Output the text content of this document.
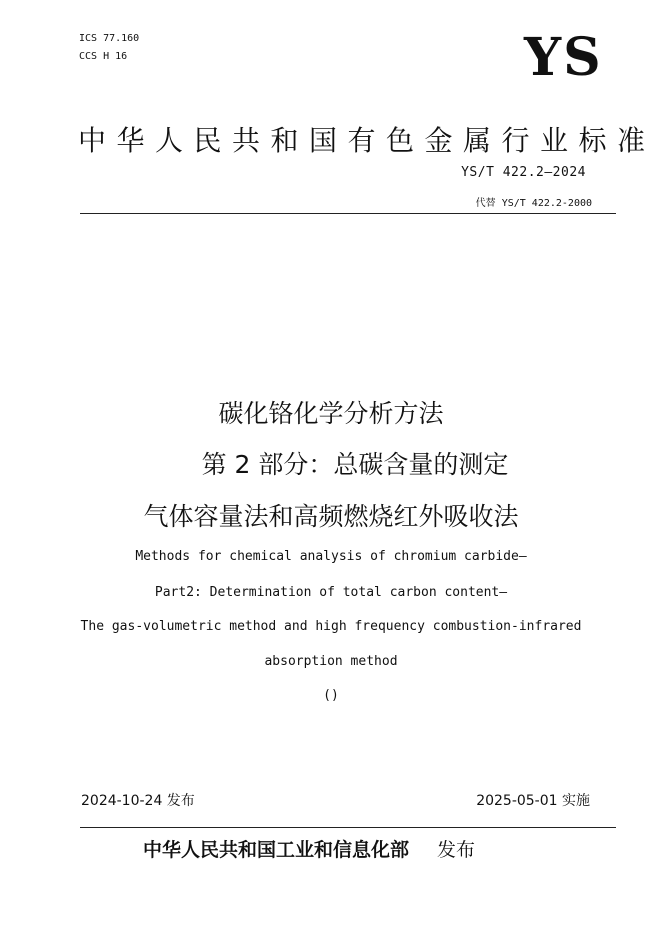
ICS 77.160
CCS H 16	YS
中华人民共和国有色金属行业标准
YS/T 422.2—2024
代替 YS/T 422.2-2000
碳化铬化学分析方法
第 2 部分：总碳含量的测定
气体容量法和高频燃烧红外吸收法
Methods for chemical analysis of chromium carbide—
Part2: Determination of total carbon content—
The gas-volumetric method and high frequency combustion-infrared
absorption method
()
2024-10-24 发布	2025-05-01 实施
中华人民共和国工业和信息化部 发布
